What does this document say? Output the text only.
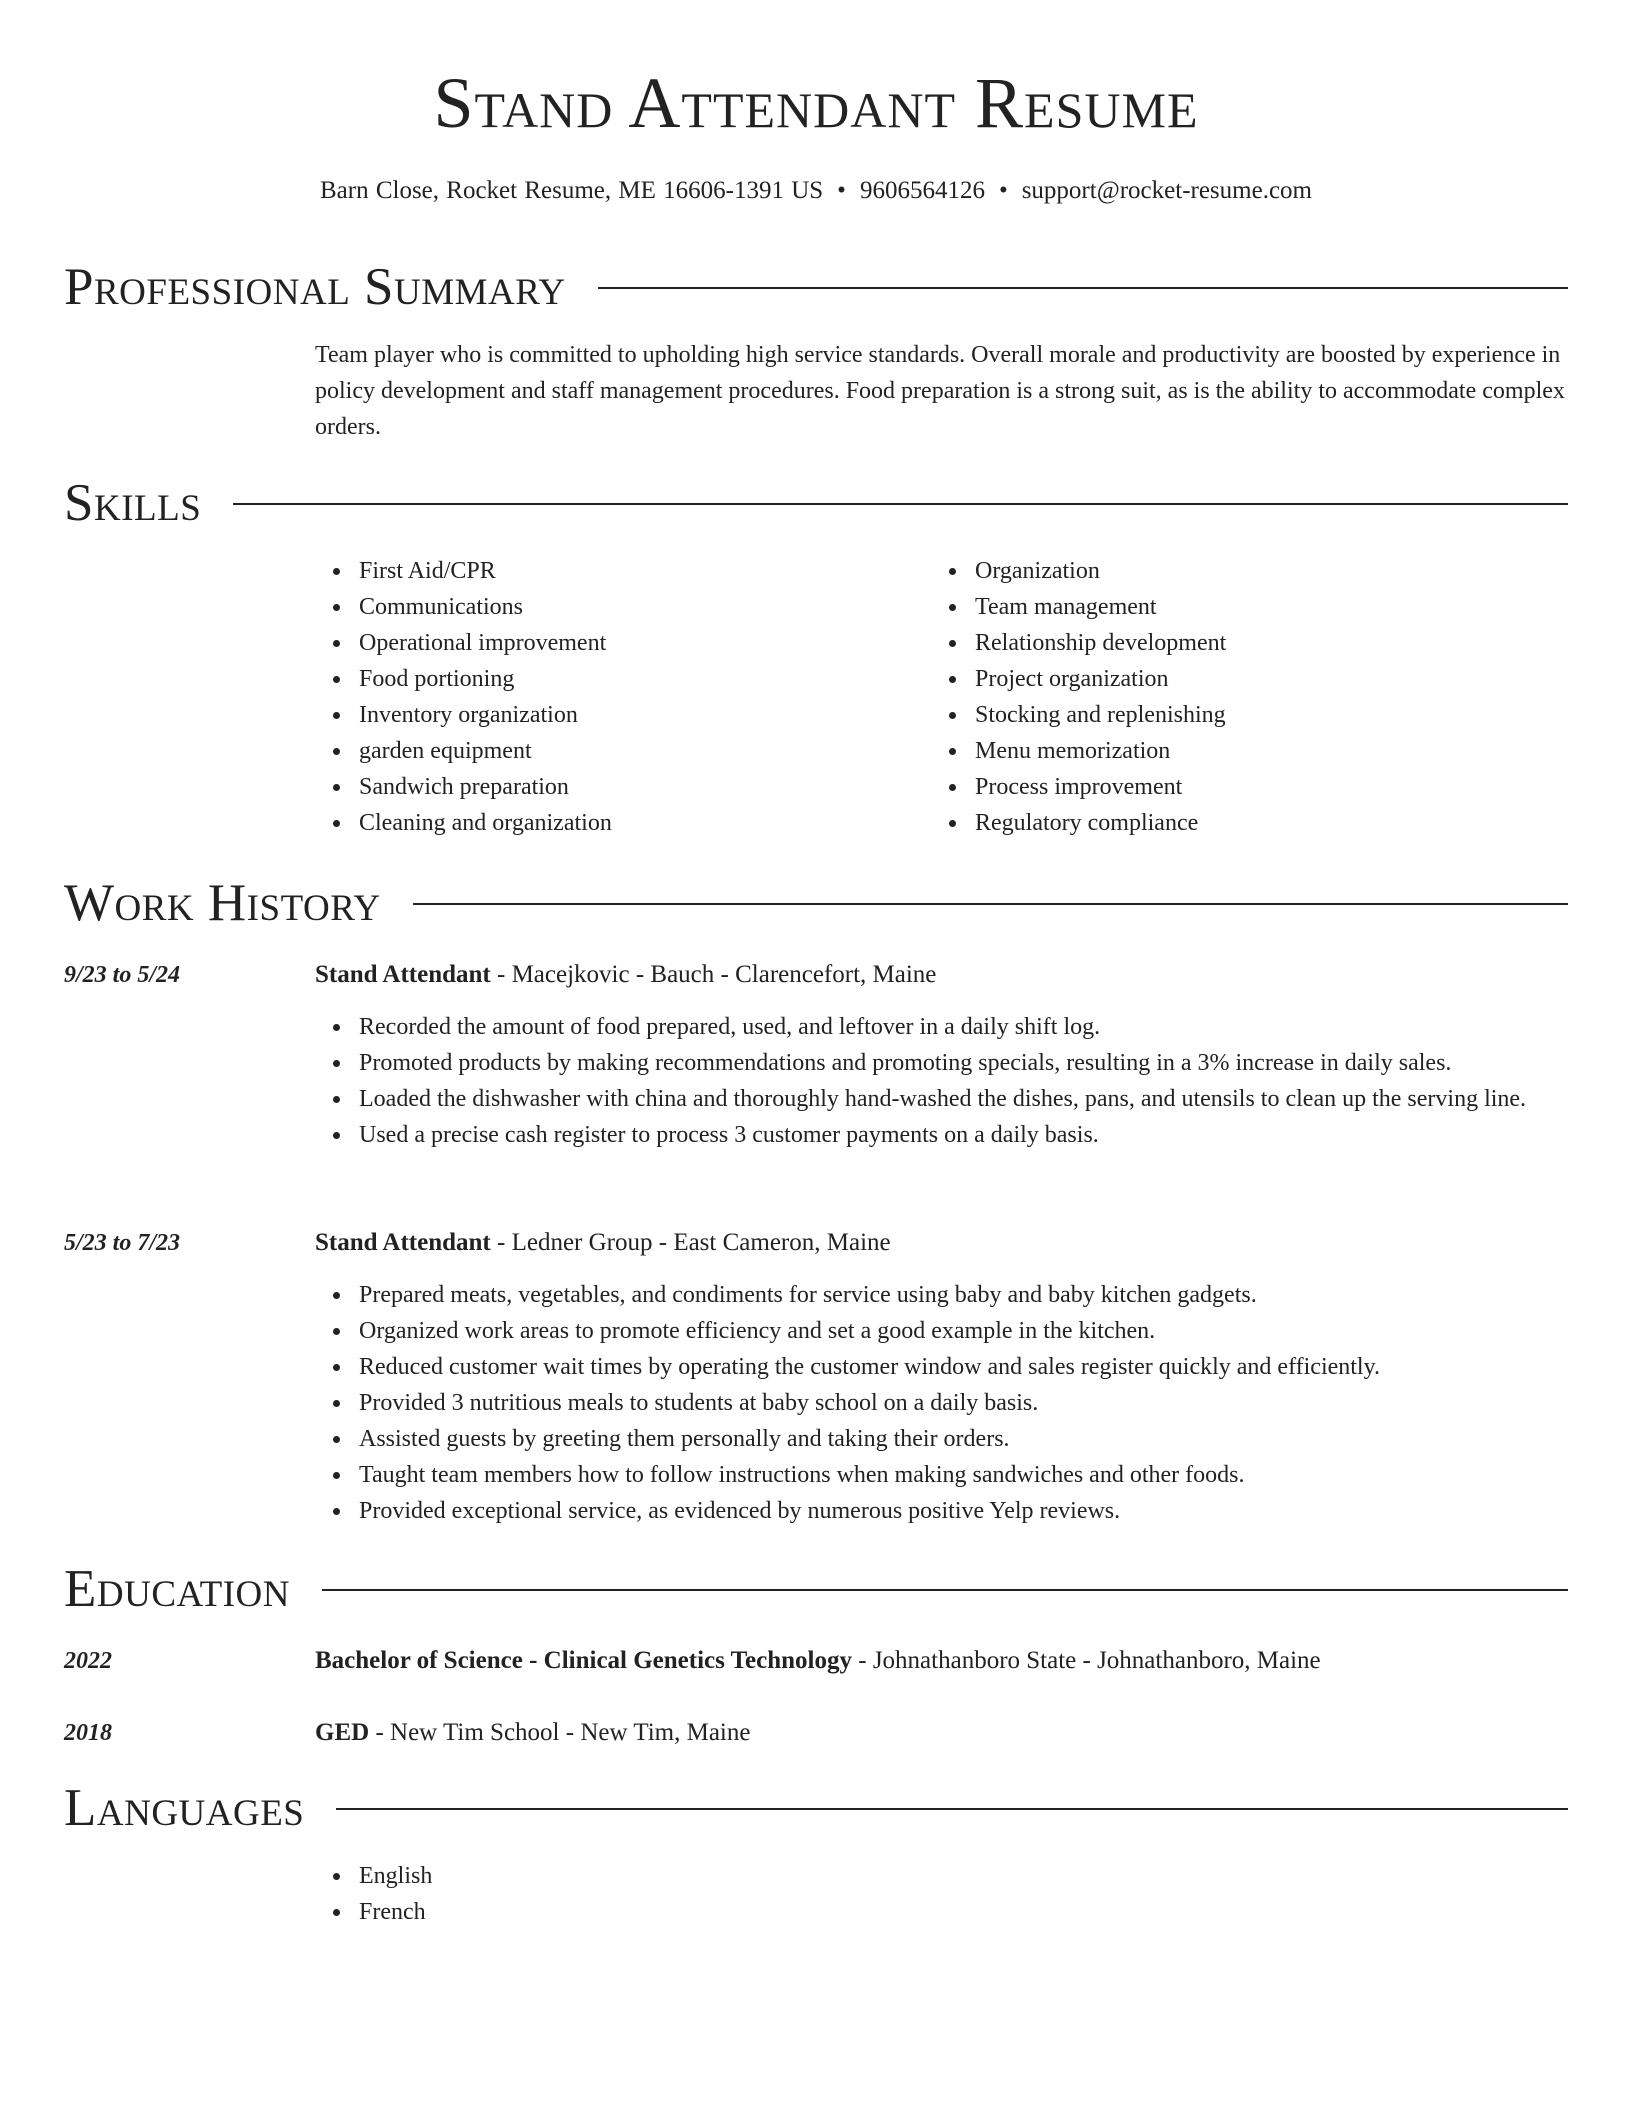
Stand Attendant Resume
Barn Close, Rocket Resume, ME 16606-1391 US • 9606564126 • support@rocket-resume.com
Professional Summary
Team player who is committed to upholding high service standards. Overall morale and productivity are boosted by experience in policy development and staff management procedures. Food preparation is a strong suit, as is the ability to accommodate complex orders.
Skills
First Aid/CPR
Communications
Operational improvement
Food portioning
Inventory organization
garden equipment
Sandwich preparation
Cleaning and organization
Organization
Team management
Relationship development
Project organization
Stocking and replenishing
Menu memorization
Process improvement
Regulatory compliance
Work History
9/23 to 5/24	Stand Attendant - Macejkovic - Bauch - Clarencefort, Maine
Recorded the amount of food prepared, used, and leftover in a daily shift log.
Promoted products by making recommendations and promoting specials, resulting in a 3% increase in daily sales.
Loaded the dishwasher with china and thoroughly hand-washed the dishes, pans, and utensils to clean up the serving line.
Used a precise cash register to process 3 customer payments on a daily basis.
5/23 to 7/23	Stand Attendant - Ledner Group - East Cameron, Maine
Prepared meats, vegetables, and condiments for service using baby and baby kitchen gadgets.
Organized work areas to promote efficiency and set a good example in the kitchen.
Reduced customer wait times by operating the customer window and sales register quickly and efficiently.
Provided 3 nutritious meals to students at baby school on a daily basis.
Assisted guests by greeting them personally and taking their orders.
Taught team members how to follow instructions when making sandwiches and other foods.
Provided exceptional service, as evidenced by numerous positive Yelp reviews.
Education
2022	Bachelor of Science - Clinical Genetics Technology - Johnathanboro State - Johnathanboro, Maine
2018	GED - New Tim School - New Tim, Maine
Languages
English
French
